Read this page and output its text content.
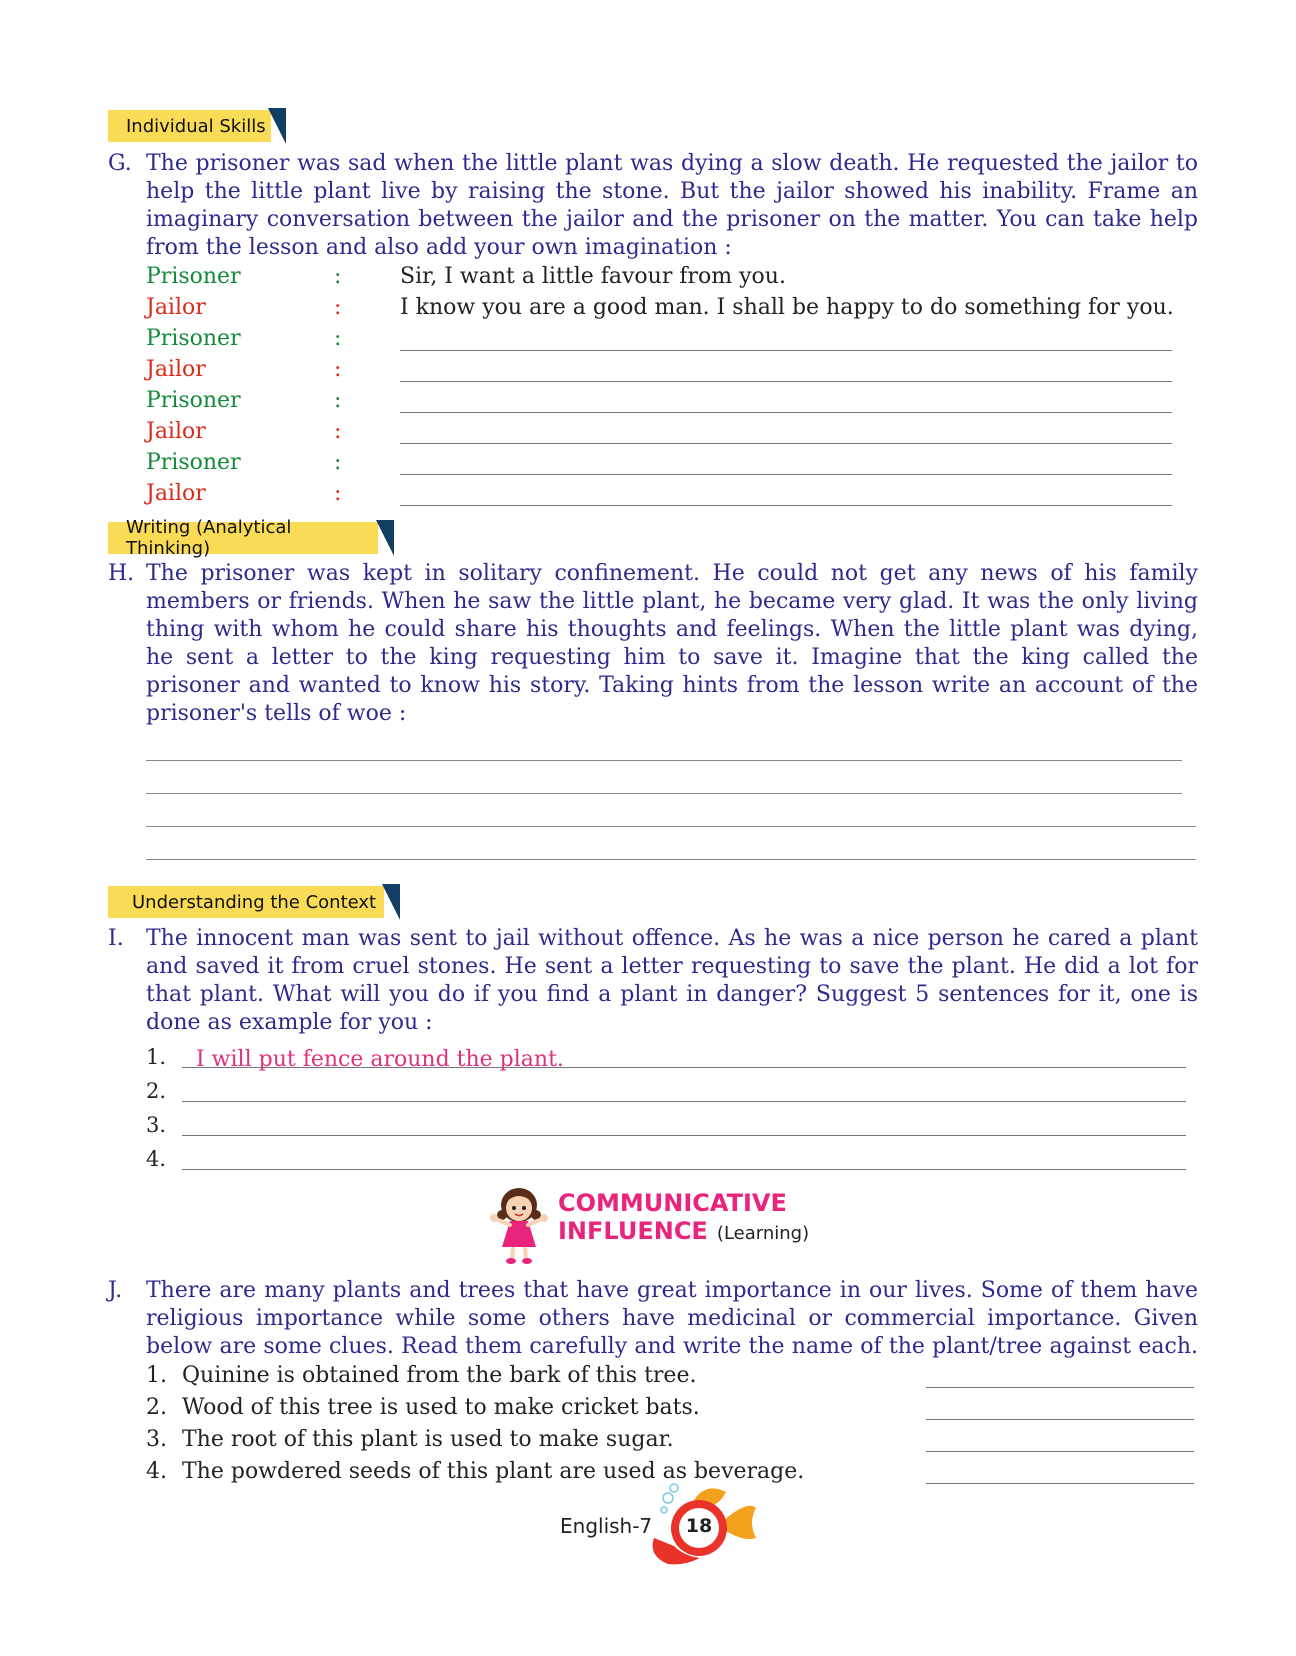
Individual Skills
G. The prisoner was sad when the little plant was dying a slow death. He requested the jailor to help the little plant live by raising the stone. But the jailor showed his inability. Frame an imaginary conversation between the jailor and the prisoner on the matter. You can take help from the lesson and also add your own imagination :
Prisoner	:	Sir, I want a little favour from you.
Jailor	:	I know you are a good man. I shall be happy to do something for you.
Prisoner	:
Jailor	:
Prisoner	:
Jailor	:
Prisoner	:
Jailor	:
Writing (Analytical Thinking)
H. The prisoner was kept in solitary confinement. He could not get any news of his family members or friends. When he saw the little plant, he became very glad. It was the only living thing with whom he could share his thoughts and feelings. When the little plant was dying, he sent a letter to the king requesting him to save it. Imagine that the king called the prisoner and wanted to know his story. Taking hints from the lesson write an account of the prisoner's tells of woe :
Understanding the Context
I. The innocent man was sent to jail without offence. As he was a nice person he cared a plant and saved it from cruel stones. He sent a letter requesting to save the plant. He did a lot for that plant. What will you do if you find a plant in danger? Suggest 5 sentences for it, one is done as example for you :
1. I will put fence around the plant.
2.
3.
4.
COMMUNICATIVE
INFLUENCE (Learning)
J. There are many plants and trees that have great importance in our lives. Some of them have religious importance while some others have medicinal or commercial importance. Given below are some clues. Read them carefully and write the name of the plant/tree against each.
1. Quinine is obtained from the bark of this tree.
2. Wood of this tree is used to make cricket bats.
3. The root of this plant is used to make sugar.
4. The powdered seeds of this plant are used as beverage.
English-7 18
